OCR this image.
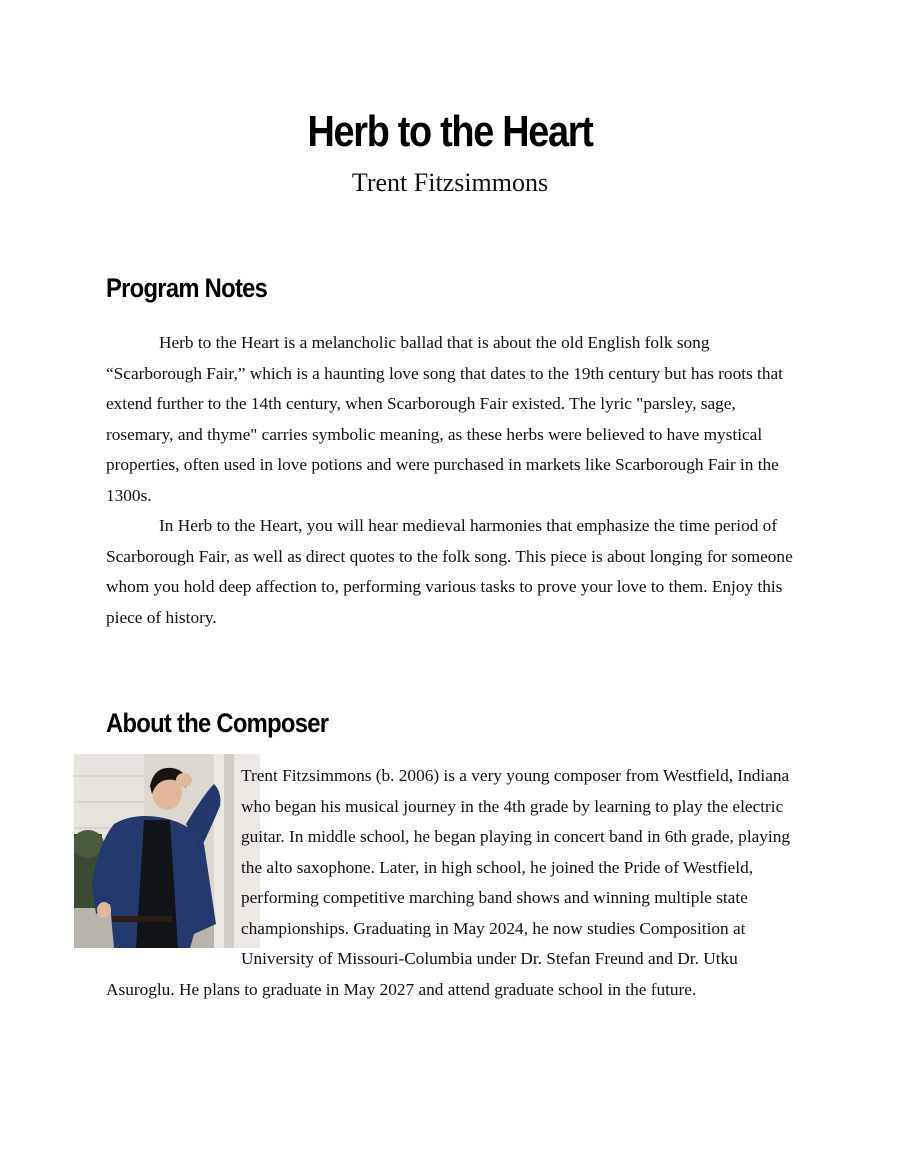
Herb to the Heart
Trent Fitzsimmons
Program Notes

Herb to the Heart is a melancholic ballad that is about the old English folk song “Scarborough Fair,” which is a haunting love song that dates to the 19th century but has roots that extend further to the 14th century, when Scarborough Fair existed. The lyric "parsley, sage, rosemary, and thyme" carries symbolic meaning, as these herbs were believed to have mystical properties, often used in love potions and were purchased in markets like Scarborough Fair in the 1300s.

In Herb to the Heart, you will hear medieval harmonies that emphasize the time period of Scarborough Fair, as well as direct quotes to the folk song. This piece is about longing for someone whom you hold deep affection to, performing various tasks to prove your love to them. Enjoy this piece of history.

About the Composer

Trent Fitzsimmons (b. 2006) is a very young composer from Westfield, Indiana who began his musical journey in the 4th grade by learning to play the electric guitar. In middle school, he began playing in concert band in 6th grade, playing the alto saxophone. Later, in high school, he joined the Pride of Westfield, performing competitive marching band shows and winning multiple state championships. Graduating in May 2024, he now studies Composition at University of Missouri-Columbia under Dr. Stefan Freund and Dr. Utku Asuroglu. He plans to graduate in May 2027 and attend graduate school in the future.
